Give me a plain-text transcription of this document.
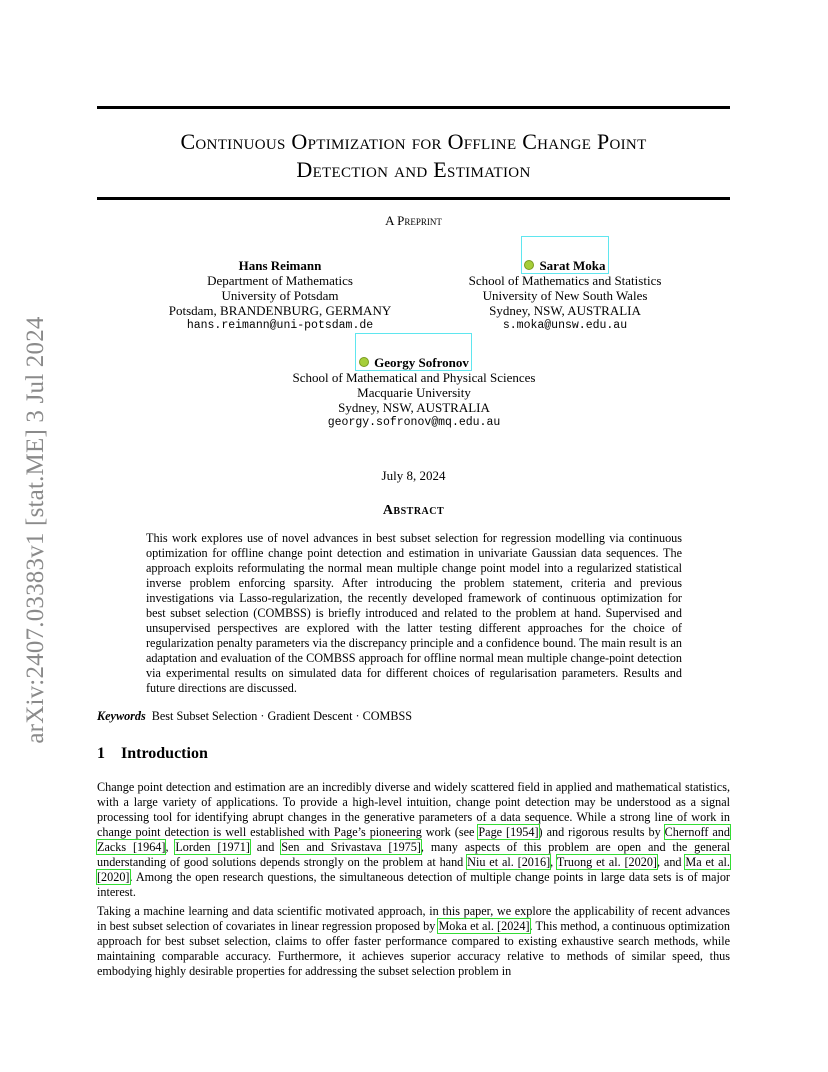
arXiv:2407.03383v1 [stat.ME] 3 Jul 2024
Continuous Optimization for Offline Change Point
Detection and Estimation
A Preprint
Hans Reimann
Department of Mathematics
University of Potsdam
Potsdam, BRANDENBURG, GERMANY
hans.reimann@uni-potsdam.de
Sarat Moka
School of Mathematics and Statistics
University of New South Wales
Sydney, NSW, AUSTRALIA
s.moka@unsw.edu.au
Georgy Sofronov
School of Mathematical and Physical Sciences
Macquarie University
Sydney, NSW, AUSTRALIA
georgy.sofronov@mq.edu.au
July 8, 2024
Abstract
This work explores use of novel advances in best subset selection for regression modelling via continuous optimization for offline change point detection and estimation in univariate Gaussian data sequences. The approach exploits reformulating the normal mean multiple change point model into a regularized statistical inverse problem enforcing sparsity. After introducing the problem statement, criteria and previous investigations via Lasso-regularization, the recently developed framework of continuous optimization for best subset selection (COMBSS) is briefly introduced and related to the problem at hand. Supervised and unsupervised perspectives are explored with the latter testing different approaches for the choice of regularization penalty parameters via the discrepancy principle and a confidence bound. The main result is an adaptation and evaluation of the COMBSS approach for offline normal mean multiple change-point detection via experimental results on simulated data for different choices of regularisation parameters. Results and future directions are discussed.
Keywords Best Subset Selection · Gradient Descent · COMBSS
1 Introduction
Change point detection and estimation are an incredibly diverse and widely scattered field in applied and mathematical statistics, with a large variety of applications. To provide a high-level intuition, change point detection may be understood as a signal processing tool for identifying abrupt changes in the generative parameters of a data sequence. While a strong line of work in change point detection is well established with Page’s pioneering work (see Page [1954]) and rigorous results by Chernoff and Zacks [1964], Lorden [1971] and Sen and Srivastava [1975], many aspects of this problem are open and the general understanding of good solutions depends strongly on the problem at hand Niu et al. [2016], Truong et al. [2020], and Ma et al. [2020]. Among the open research questions, the simultaneous detection of multiple change points in large data sets is of major interest.
Taking a machine learning and data scientific motivated approach, in this paper, we explore the applicability of recent advances in best subset selection of covariates in linear regression proposed by Moka et al. [2024]. This method, a continuous optimization approach for best subset selection, claims to offer faster performance compared to existing exhaustive search methods, while maintaining comparable accuracy. Furthermore, it achieves superior accuracy relative to methods of similar speed, thus embodying highly desirable properties for addressing the subset selection problem in
